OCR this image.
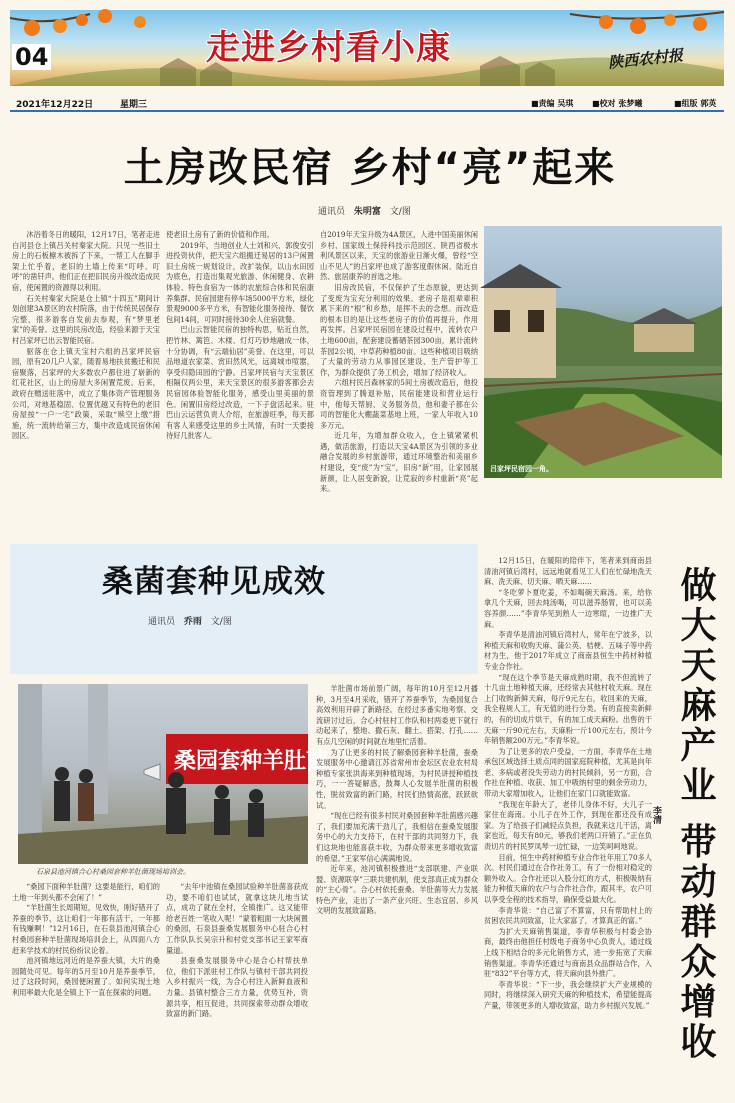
走进乡村看小康	陕西农村报
04
2021年12月22日	星期三	■责编 吴琪 ■校对 张梦曦	■组版 郭英
土房改民宿 乡村“亮”起来
通讯员 朱明富 文/图

沐浴着冬日的暖阳，12月17日，笔者走进白河县仓上镇吕关村秦家大院。只见一些旧土房上的石板檩木被拆了下来，一帮工人在脚手架上忙乎着，老旧的土墙上传来“叮呼、叮呼”的凿钎声。他们正在把旧民房升级改造成民宿，使闲置的资源得以利用。

石关村秦家大院是仓上镇“十四五”期间计划创建3A景区的农村院落，由于传统民居保存完整，很多游客自发前去参观，有“梦里老家”的美誉。这里的民房改造，经验来源于天宝村吕家坪已出云智能民宿。

驱落在仓上镇天宝村六组的吕家坪民宿园，原有20几户人家，随着易地扶贫搬迁和民宿聚落，吕家坪的大多数农户都住进了崭新的红花社区，山上的房屋大多闲置荒废。后来，政府在赠送驻落中，成立了集体资产管理服务公司，对地基稳固、位置优越又有特色的老旧房屋按“一户一宅”政策，采取“赎空上缴”措施，统一流转给第三方，集中改造成民宿休闲园区。

使老旧土房有了新的价值和作用。

2019年，当地创业人士刘和兴、郭俊安引进投资伙伴，把天宝六组搬迁易居的13户闲置旧土房统一规划设计，改扩装保，以山水田园为底色，打造出集观光旅游、休闲健身、农耕体验、特色食宿为一体的农旅综合体和民宿康养集群。民宿园建有停车场5000平方米，绿化景观9000多平方米，有智能化服务接待、餐饮包间14间，可同时接待30余人住宿就餐。

巴山云智能民宿的独特构思，贴近自然，把竹林、篱笆、木楼、灯灯巧妙地融成一体，十分协调，有“云端仙居”美誉。在这里，可以品地道农家菜、赏田然风光，远离城市喧嚣，享受归隐田园的宁静。吕家坪民宿与天宝景区相隔仅两公里，来天宝景区的很多游客都会去民宿园体验智能化服务，感受山里美丽的景色。闲置旧房经过改造，一下子盘活起来。驻巴山云运营负责人介绍，在旅游旺季，每天都有客人来感受这里的乡土风情，有时一天要接待好几批客人。

自2019年天宝升级为4A景区，人进中国美丽休闲乡村、国家级土保持科技示范园区、陕西省极水利风景区以来，天宝的旅游业日渐火爆，曾经“空山不见人”的吕家坪也成了游客度假休闲、陆近自然、旅居康养的首选之地。

旧房改民宿，不仅保护了生态原貌，更达到了变废为宝充分利用的效果。老房子是祖辈辈积累下来的“根”和乡愁，是挥不去的念想。而改造的根本目的是让这些老房子的价值再提升，作用再发挥。吕家坪民宿园在建设过程中，流转农户土地600亩，配套建设蓄硒茶园300亩，累计流转茶园2公顷，中草药种植80亩。这些种植项目吸纳了大量的劳动力从事园区建设、生产管护等工作，为群众提供了务工机会，增加了经济收入。

六组村民吕森林家的5间土房被改造后，他投资管理到了腾退补贴，民宿能建设和营业运行中，他每天帮厨、义务服务员，他和妻子都在公司的智能化大棚蔬菜基地上班，一家人年收入10多万元。

近几年，为增加群众收入，仓上镇紧紧机遇，做活旅游，打造以天宝4A景区为引领的多业融合发展的乡村旅游带，通过环境整治和美丽乡村建设，变“废”为“宝”，旧房“新”用，让家园展新颜，让人居变新貌，让荒寂的乡村重新“亮”起来。

吕家坪民宿园一角。

桑菌套种见成效
通讯员 乔雨 文/图
桑园套种羊肚菌
石泉县池河镇合心村桑园套种羊肚菌现场培训会。

“桑园下面种羊肚菌？这要是能行，咱们的土地一年到头都不会闲了！”

“羊肚菌生长周期短，见效快，刚好错开了养蚕的季节，这让咱们一年都有活干，一年都有钱赚啊！”12月16日，在石泉县池河镇合心村桑园套种羊肚菌现场培训会上，从四面八方赶来学技术的村民纷纷议论着。

池河镇地远河近的是养蚕大镇，大片的桑园随处可见。每年的5月至10月是养蚕季节，过了这段时间，桑园便闲置了。如何实现土地利用率最大化是全镇上下一直在探索的问题。

“去年中池镇在桑园试验种羊肚菌喜获成功，要不咱们也试试，就拿这块儿地当试点，成功了就在全村，全镇推广。这又能带给老百姓一笔收入呢！”蒙着粗面一大块闲置的桑园，石泉县蚕桑发展服务中心驻合心村工作队队长吴宗升和村党支部书记王家军商量道。

县蚕桑发展服务中心是合心村帮扶单位，他们下派驻村工作队与镇村干部共同投入乡村振兴一线，为合心村注入新鲜血液和力量。县镇村整合三方力量，优势互补，资源共享，相互促进，共同探索带动群众增收致富的新门路。

羊肚菌市场前景广阔，每年的10月至12月播种，3月至4月采收，错开了养蚕季节，为桑园复合高效利用开辟了新路径。在经过多番实地考察、交流研讨过后，合心村驻村工作队和村两委更下就行动起来了，整地、撒石灰、翻土、搭架、打孔……有点几空闲的时间就在地里忙活着。

为了让更多的村民了解桑园套种羊肚菌，蚕桑发展服务中心邀请江苏省常州市金坛区农业农村局种植专家张洪海来到种植现场，为村民讲授种植技巧，一一答疑解惑，鼓舞人心发展羊肚菌的积极性，脱贫致富的新门路，村民们热情高涨，跃跃欲试。

“现在已经有很多村民对桑园套种羊肚菌感兴趣了，我们要加充满干劲儿了，我相信在蚕桑发展服务中心的大力支持下，在村干部的共同努力下，我们这块地也能喜获丰收，为群众带来更多增收致富的希望。”王家军信心满满地说。

近年来，池河镇积极推进“支部联建、产业联盟、资源联享”三联共建机制，使支部真正成为群众的“主心骨”。合心村依托蚕桑、羊肚菌等大力发展特色产业，走出了一条产业兴旺、生态宜居、乡风文明的发展致富路。

12月15日，在暖阳的陪伴下，笔者来到商南县清油河镇后湾村，远远地就看见工人们在忙碌地洗天麻、洗天麻、切天麻、晒天麻……

“冬吃萝卜夏吃姜，不如喝碗天麻汤。来，给你拿几个天麻，回去炖汤喝，可以滋养肠胃，也可以美容养颜……”李青华见到熟人一边寒暄，一边推广天麻。

李青华是清油河镇后湾村人，常年在宁波多，以种植天麻和收购天麻、蒲公英、桔梗、五味子等中药材为生，他于2017年成立了商南县恒生中药材种植专业合作社。

“现在这个季节是天麻成熟时期，我不但流转了十几亩土地种植天麻，还经常去其他村收天麻。现在上门收购新鲜天麻，每斤9元左右，收回来的天麻，我全程规人工，有无值的进行分类。有的直接卖新鲜的，有的切成片烘干，有的加工成天麻粉。出售的干天麻一斤90元左右，天麻粉一斤100元左右，预计今年销售额200万元。”李青华说。

为了让更多的农户受益，一方面，李青华在土地承包区域选择土质点同的国家庭院种植，尤其是向年老、多病或者没失劳动力的村民倾斜，另一方面，合作社在种植、收获、加工中吸纳村里的剩余劳动力，带动大家增加收入，让他们在家门口就能致富。

“我现在年龄大了，老伴儿身体不好，大儿子一家住在海南。小儿子在外工作，到现在都还没有成家。为了给孩子们减轻点负担，我就来这儿干活，离家也近，每天有80元，够我们老两口开销了。”正在负责切片的村民罗凤琴一边忙碌，一边笑呵呵地说。

目前，恒生中药材种植专业合作社年用工70多人次。村民们通过在合作社务工，有了一份相对稳定的额外收入。合作社还以入股分红的方式，积极吸纳有能力种植天麻的农户与合作社合作，跟其丰，农户可以享受全程的技术指导，确保受益最大化。

李青华说：“自己富了不算富，只有帮助村上的贫困农民共同致富，让大家富了，才算真正的富。”

为扩大天麻销售渠道，李青华积极与村委会协商，最终由他担任村级电子商务中心负责人，通过线上线下相结合的多元化销售方式，进一步拓宽了天麻销售渠道。李青华还通过与商南县众品群站合作，入驻“832”平台等方式，将天麻向县外推广。

李青华说：“下一步，我会继续扩大产业规模的同时，将继续深入研究天麻的种植技术，希望能提高产量，带领更多的人增收致富，助力乡村振兴发展。” 做大天麻产业 带动群众增收
李清
